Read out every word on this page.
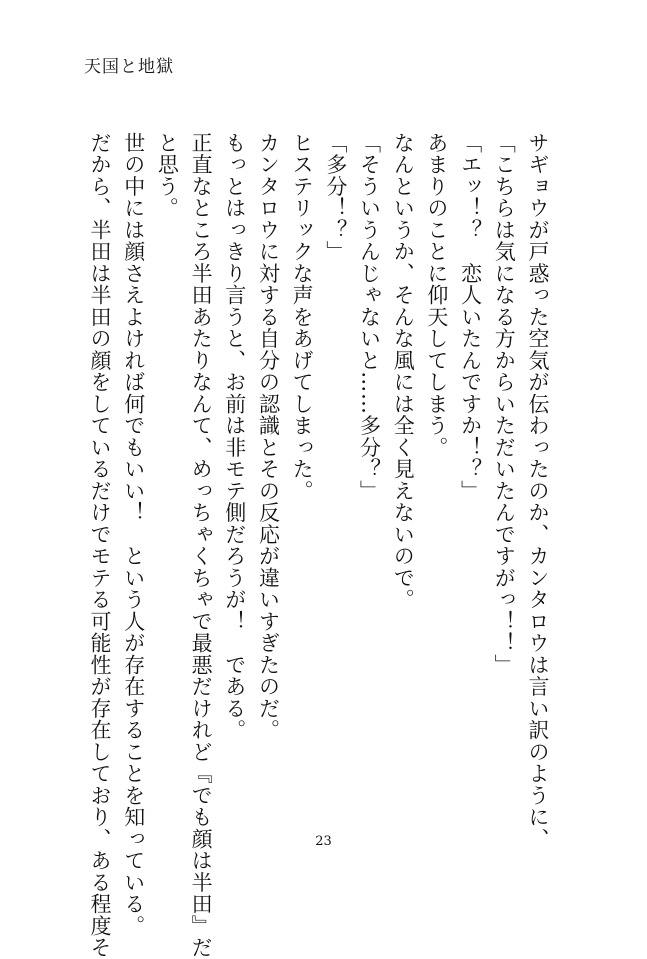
天国と地獄
サギョウが戸惑った空気が伝わったのか、カンタロウは言い訳のように、
「こちらは気になる方からいただいたんですがっ！！」
「エッ！？　恋人いたんですか！？」
あまりのことに仰天してしまう。
なんというか、そんな風には全く見えないので。
「そういうんじゃないと……多分？」
「多分！？」
ヒステリックな声をあげてしまった。
カンタロウに対する自分の認識とその反応が違いすぎたのだ。
もっとはっきり言うと、お前は非モテ側だろうが！　である。
正直なところ半田あたりなんて、めっちゃくちゃで最悪だけれど『でも顔は半田』だ
と思う。
世の中には顔さえよければ何でもいい！　という人が存在することを知っている。
だから、半田は半田の顔をしているだけでモテる可能性が存在しており、ある程度そ	23
